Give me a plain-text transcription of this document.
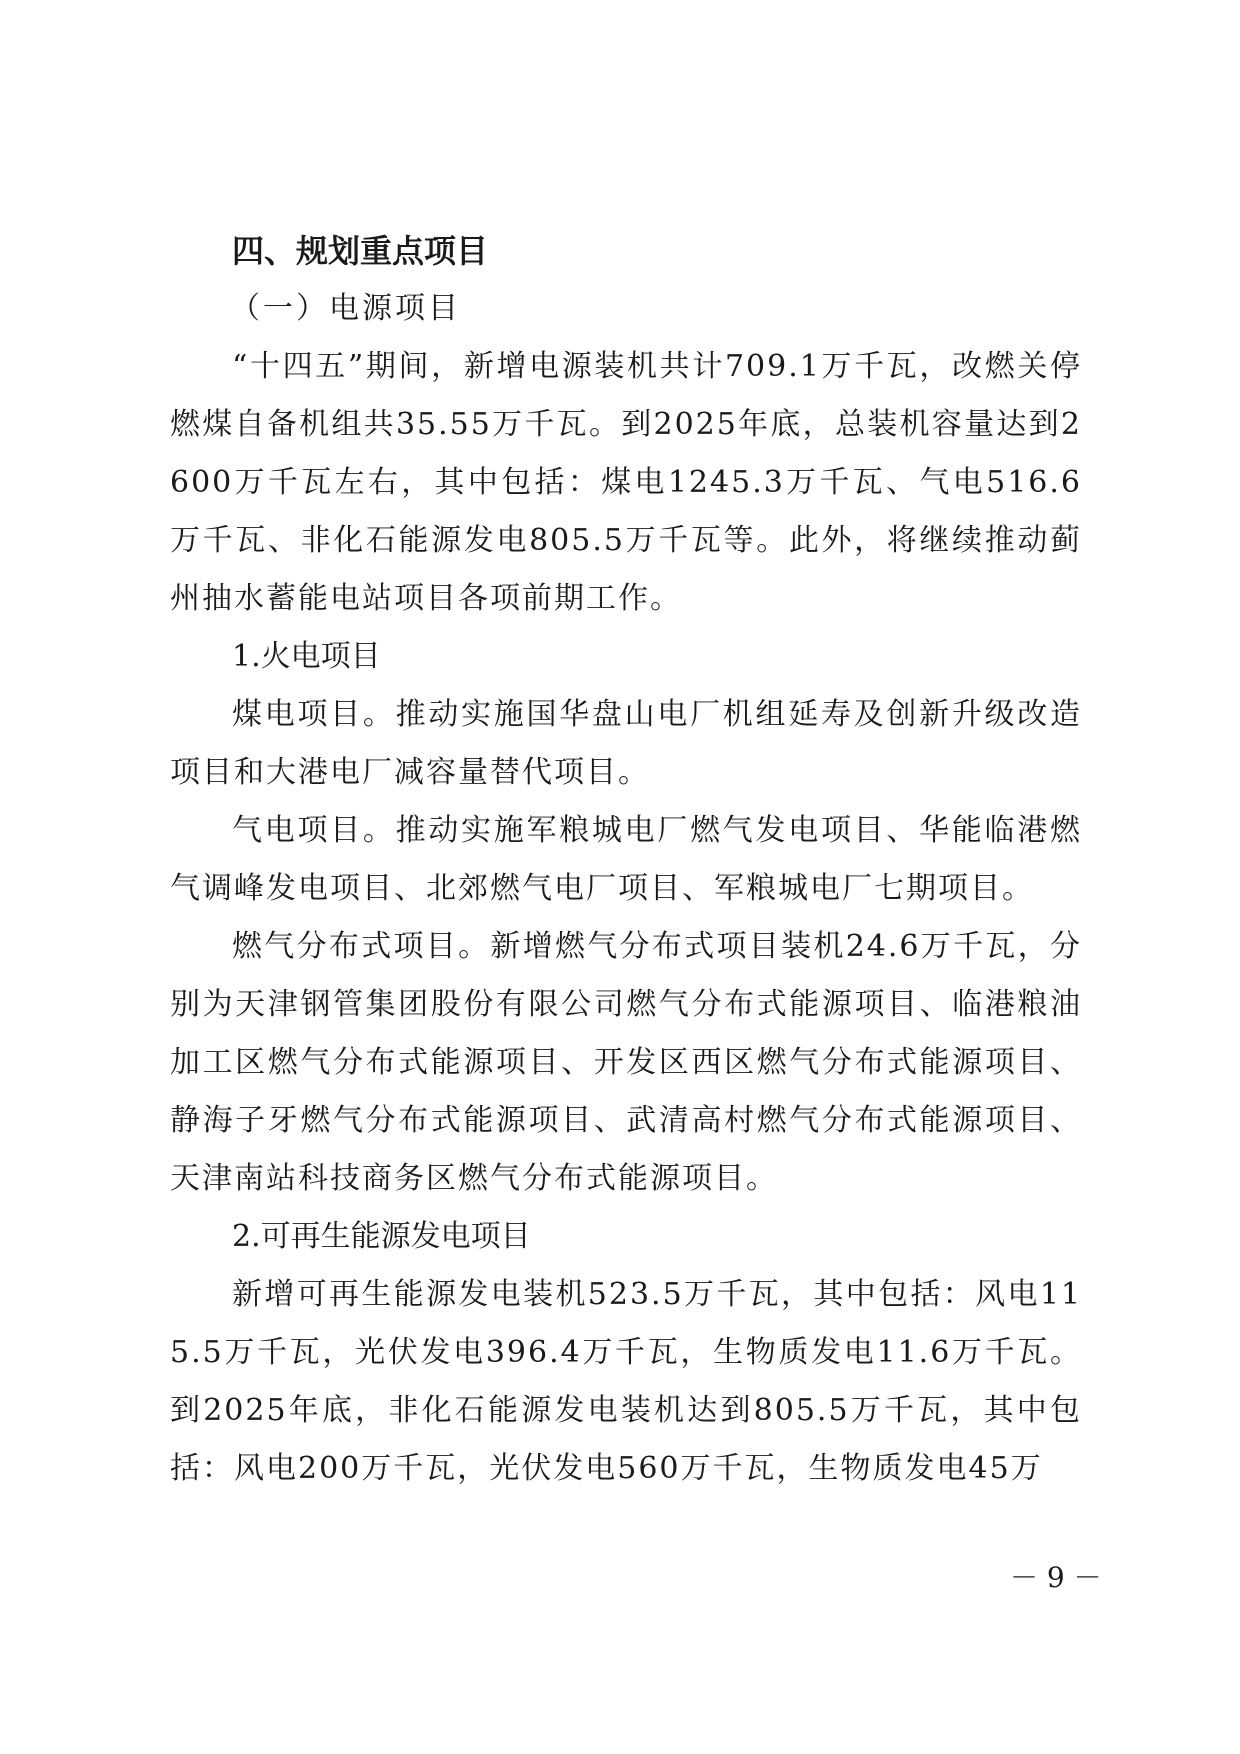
四、规划重点项目
（一）电源项目

“十四五”期间，新增电源装机共计709.1万千瓦，改燃关停燃煤自备机组共35.55万千瓦。到2025年底，总装机容量达到2600万千瓦左右，其中包括：煤电1245.3万千瓦、气电516.6万千瓦、非化石能源发电805.5万千瓦等。此外，将继续推动蓟州抽水蓄能电站项目各项前期工作。

1.火电项目

煤电项目。推动实施国华盘山电厂机组延寿及创新升级改造项目和大港电厂减容量替代项目。

气电项目。推动实施军粮城电厂燃气发电项目、华能临港燃气调峰发电项目、北郊燃气电厂项目、军粮城电厂七期项目。

燃气分布式项目。新增燃气分布式项目装机24.6万千瓦，分别为天津钢管集团股份有限公司燃气分布式能源项目、临港粮油加工区燃气分布式能源项目、开发区西区燃气分布式能源项目、静海子牙燃气分布式能源项目、武清高村燃气分布式能源项目、天津南站科技商务区燃气分布式能源项目。

2.可再生能源发电项目

新增可再生能源发电装机523.5万千瓦，其中包括：风电115.5万千瓦，光伏发电396.4万千瓦，生物质发电11.6万千瓦。到2025年底，非化石能源发电装机达到805.5万千瓦，其中包括：风电200万千瓦，光伏发电560万千瓦，生物质发电45万

－ 9 －
